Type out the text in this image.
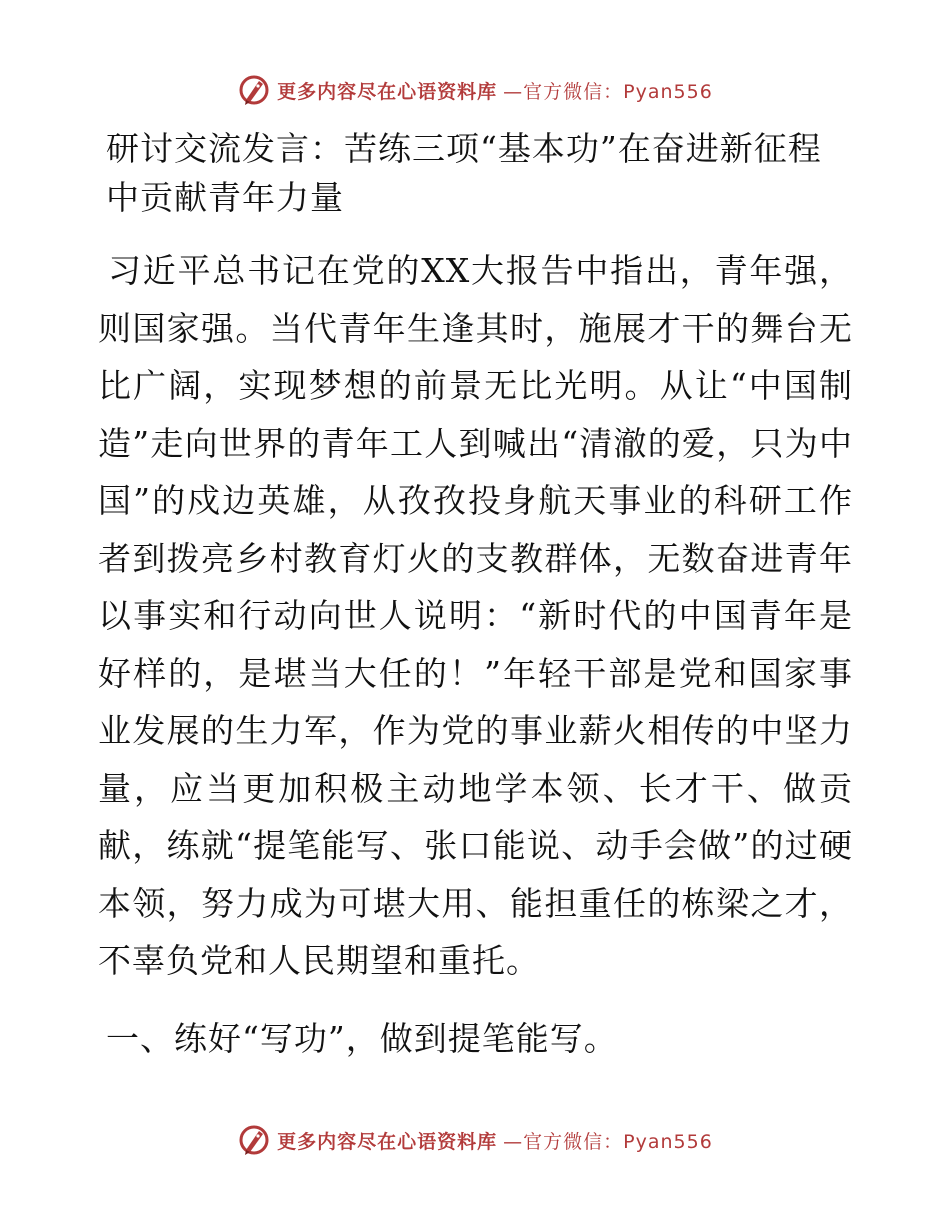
更多内容尽在心语资料库 —官方微信：Pyan556
研讨交流发言：苦练三项“基本功”在奋进新征程中贡献青年力量

习近平总书记在党的XX大报告中指出，青年强，则国家强。当代青年生逢其时，施展才干的舞台无比广阔，实现梦想的前景无比光明。从让“中国制造”走向世界的青年工人到喊出“清澈的爱，只为中国”的戍边英雄，从孜孜投身航天事业的科研工作者到拨亮乡村教育灯火的支教群体，无数奋进青年以事实和行动向世人说明：“新时代的中国青年是好样的，是堪当大任的！”年轻干部是党和国家事业发展的生力军，作为党的事业薪火相传的中坚力量，应当更加积极主动地学本领、长才干、做贡献，练就“提笔能写、张口能说、动手会做”的过硬本领，努力成为可堪大用、能担重任的栋梁之才，不辜负党和人民期望和重托。

一、练好“写功”，做到提笔能写。
更多内容尽在心语资料库 —官方微信：Pyan556
